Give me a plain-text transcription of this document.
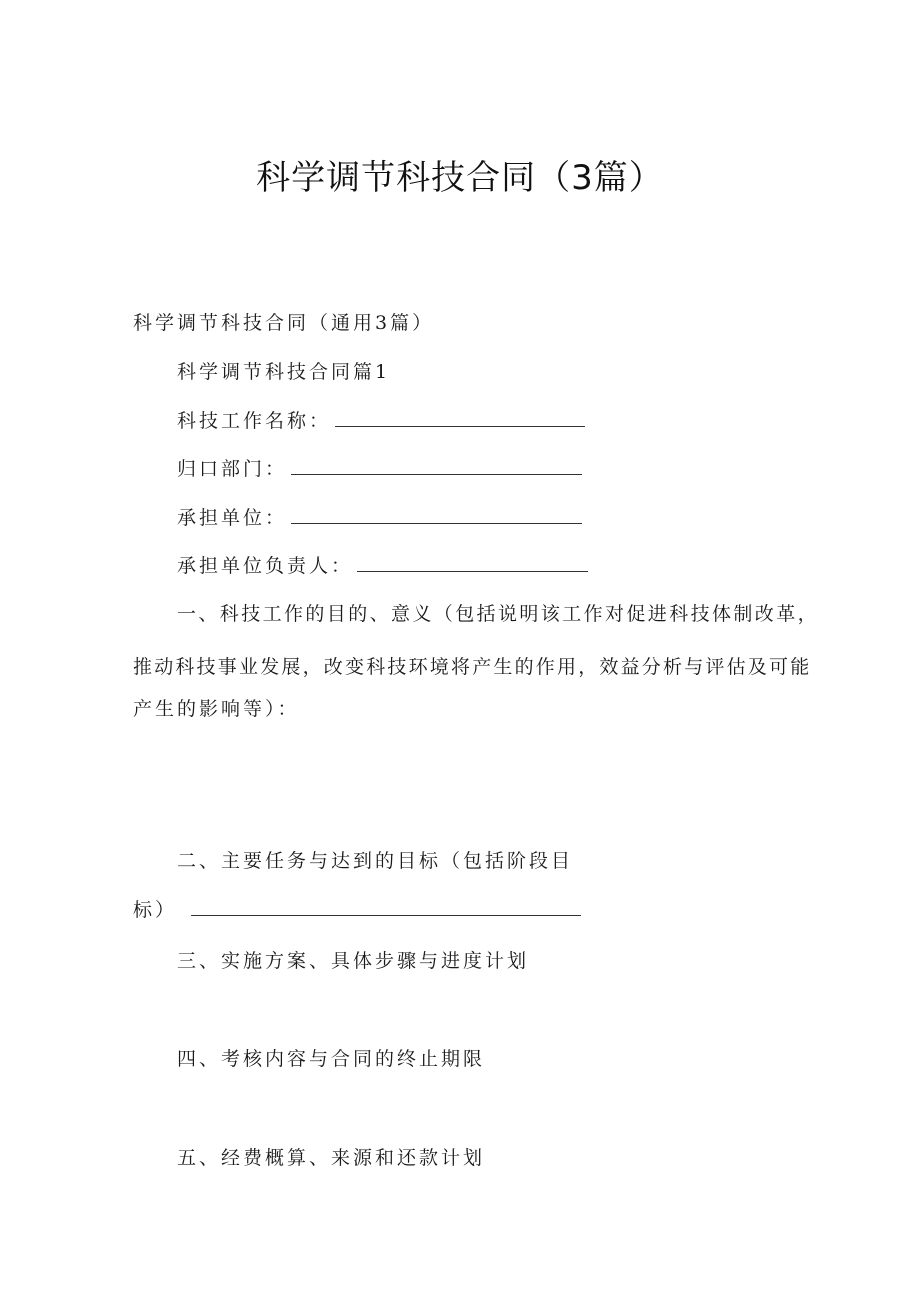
科学调节科技合同（3篇）
科学调节科技合同（通用3篇）
科学调节科技合同篇1
科技工作名称：
归口部门：
承担单位：
承担单位负责人：
一、科技工作的目的、意义（包括说明该工作对促进科技体制改革，
推动科技事业发展，改变科技环境将产生的作用，效益分析与评估及可能
产生的影响等）：
二、主要任务与达到的目标（包括阶段目
标）
三、实施方案、具体步骤与进度计划
四、考核内容与合同的终止期限
五、经费概算、来源和还款计划
